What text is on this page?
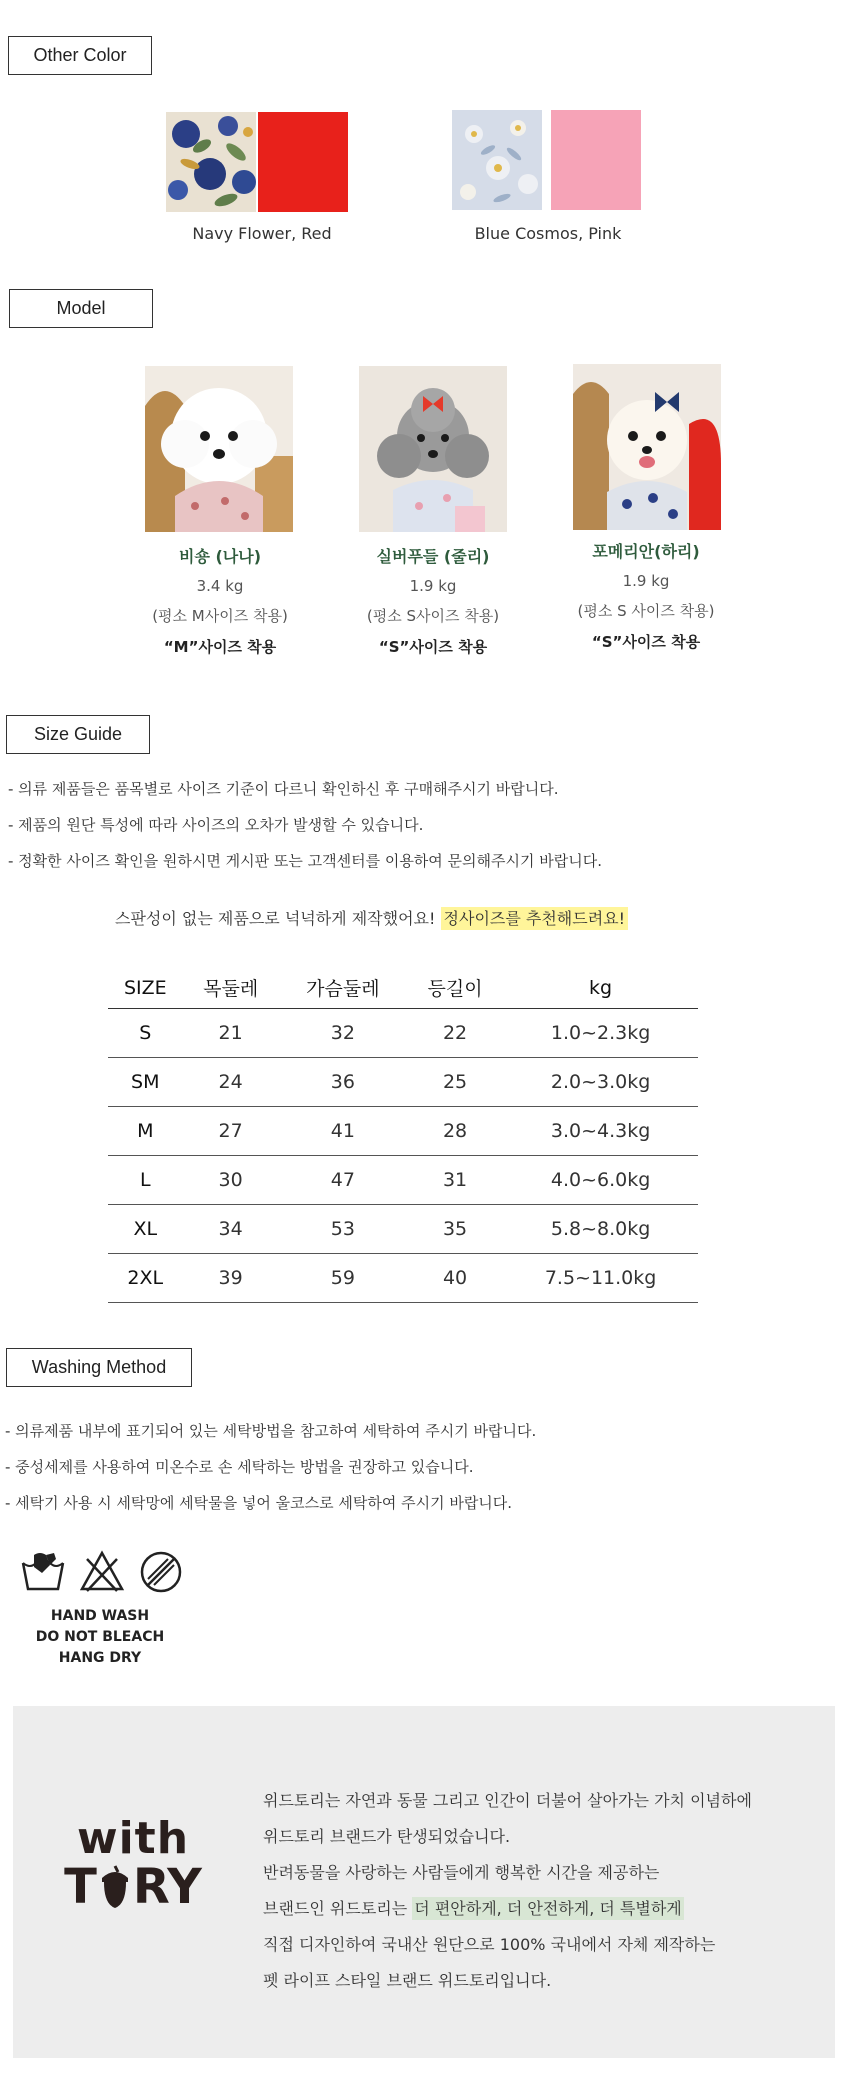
Other Color
Navy Flower, Red	Blue Cosmos, Pink
Model
비숑 (나나)
3.4 kg
(평소 M사이즈 착용)
“M”사이즈 착용
실버푸들 (줄리)
1.9 kg
(평소 S사이즈 착용)
“S”사이즈 착용
포메리안(하리)
1.9 kg
(평소 S 사이즈 착용)
“S”사이즈 착용
Size Guide
- 의류 제품들은 품목별로 사이즈 기준이 다르니 확인하신 후 구매해주시기 바랍니다.
- 제품의 원단 특성에 따라 사이즈의 오차가 발생할 수 있습니다.
- 정확한 사이즈 확인을 원하시면 게시판 또는 고객센터를 이용하여 문의해주시기 바랍니다.
스판성이 없는 제품으로 넉넉하게 제작했어요! 정사이즈를 추천해드려요!
SIZE	목둘레	가슴둘레	등길이	kg
S	21	32	22	1.0~2.3kg
SM	24	36	25	2.0~3.0kg
M	27	41	28	3.0~4.3kg
L	30	47	31	4.0~6.0kg
XL	34	53	35	5.8~8.0kg
2XL	39	59	40	7.5~11.0kg
Washing Method
- 의류제품 내부에 표기되어 있는 세탁방법을 참고하여 세탁하여 주시기 바랍니다.
- 중성세제를 사용하여 미온수로 손 세탁하는 방법을 권장하고 있습니다.
- 세탁기 사용 시 세탁망에 세탁물을 넣어 울코스로 세탁하여 주시기 바랍니다.
HAND WASH
DO NOT BLEACH
HANG DRY
with
T RY
위드토리는 자연과 동물 그리고 인간이 더불어 살아가는 가치 이념하에
위드토리 브랜드가 탄생되었습니다.
반려동물을 사랑하는 사람들에게 행복한 시간을 제공하는
브랜드인 위드토리는 더 편안하게, 더 안전하게, 더 특별하게
직접 디자인하여 국내산 원단으로 100% 국내에서 자체 제작하는
펫 라이프 스타일 브랜드 위드토리입니다.
